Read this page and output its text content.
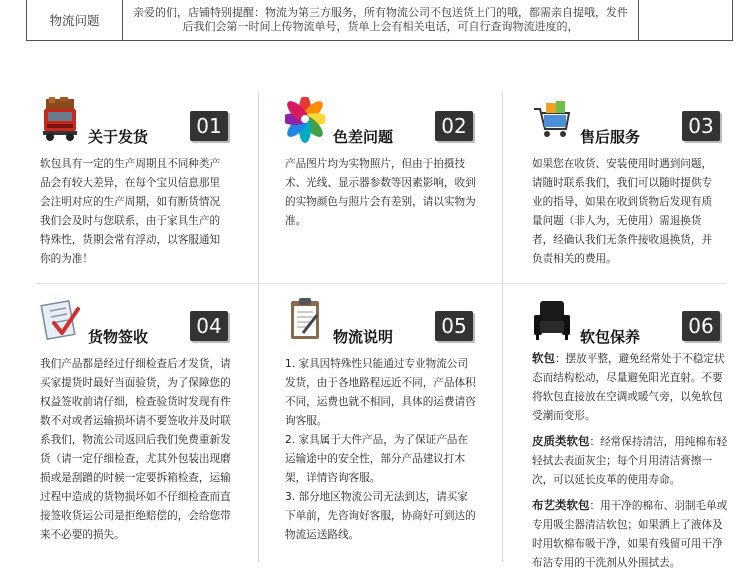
物流问题
亲爱的们，店铺特别提醒：物流为第三方服务，所有物流公司不包送货上门的哦，都需亲自提哦，发件后我们会第一时间上传物流单号，货单上会有相关电话，可自行查询物流进度的，
关于发货	01
软包具有一定的生产周期且不同种类产品会有较大差异，在每个宝贝信息那里会注明对应的生产周期，如有断货情况我们会及时与您联系，由于家具生产的特殊性，货期会常有浮动，以客服通知你的为准！
色差问题	02
产品图片均为实物照片，但由于拍摄技术、光线、显示器参数等因素影响，收到的实物颜色与照片会有差别，请以实物为准。
售后服务	03
如果您在收货、安装使用时遇到问题，请随时联系我们，我们可以随时提供专业的指导，如果在收到货物后发现有质量问题（非人为，无使用）需退换货者，经确认我们无条件接收退换货，并负责相关的费用。
货物签收	04
我们产品都是经过仔细检查后才发货，请买家提货时最好当面验货，为了保障您的权益签收前请仔细，检查验货时发现有件数不对或者运输损坏请不要签收并及时联系我们，物流公司返回后我们免费重新发货（请一定仔细检查，尤其外包装出现磨损或是刮蹭的时候一定要拆箱检查，运输过程中造成的货物损坏如不仔细检查而直接签收货运公司是拒绝赔偿的，会给您带来不必要的损失。
物流说明	05

1. 家具因特殊性只能通过专业物流公司发货，由于各地路程远近不同，产品体积不同，运费也就不相同，具体的运费请咨询客服。

2. 家具属于大件产品，为了保证产品在运输途中的安全性，部分产品建议打木架，详情咨询客服。

3. 部分地区物流公司无法到达，请买家下单前，先咨询好客服，协商好可到达的物流运送路线。

软包保养	06

软包：摆放平整，避免经常处于不稳定状态而结构松动，尽量避免阳光直射。不要将软包直接放在空调或暖气旁，以免软包受潮而变形。

皮质类软包：经常保持清洁，用纯棉布轻轻拭去表面灰尘；每个月用清洁膏擦一次，可以延长皮革的使用寿命。

布艺类软包：用干净的棉布、羽制毛单或专用吸尘器清洁软包；如果洒上了液体及时用软棉布吸干净，如果有残留可用干净布沾专用的干洗剂从外围拭去。
